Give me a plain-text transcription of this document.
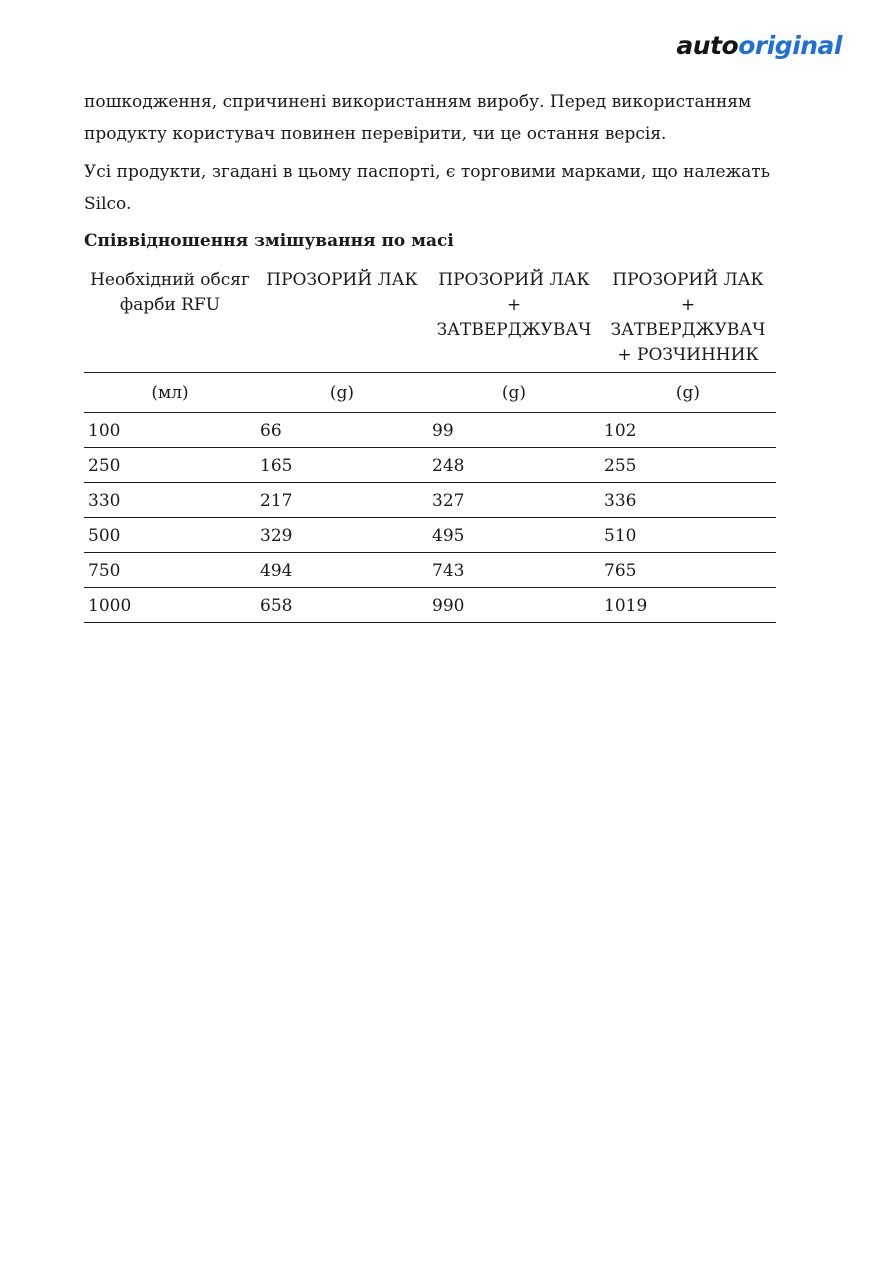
autooriginal

пошкодження, спричинені використанням виробу. Перед використанням

продукту користувач повинен перевірити, чи це остання версія.

Усі продукти, згадані в цьому паспорті, є торговими марками, що належать Silco.

Співвідношення змішування по масі
Необхідний обсяг фарби RFU	ПРОЗОРИЙ ЛАК	ПРОЗОРИЙ ЛАК + ЗАТВЕРДЖУВАЧ	ПРОЗОРИЙ ЛАК + ЗАТВЕРДЖУВАЧ + РОЗЧИННИК
(мл)	(g)	(g)	(g)
100	66	99	102
250	165	248	255
330	217	327	336
500	329	495	510
750	494	743	765
1000	658	990	1019
